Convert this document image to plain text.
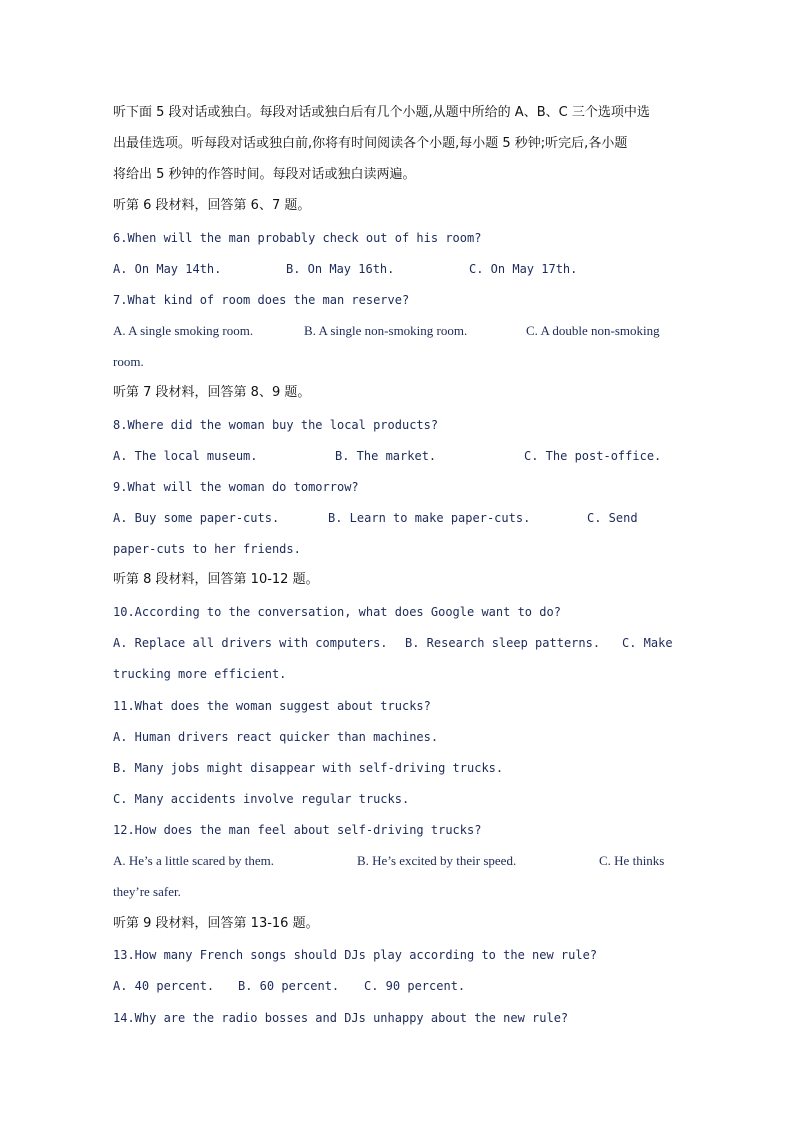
听下面 5 段对话或独白。每段对话或独白后有几个小题,从题中所给的 A、B、C 三个选项中选
出最佳选项。听每段对话或独白前,你将有时间阅读各个小题,每小题 5 秒钟;听完后,各小题
将给出 5 秒钟的作答时间。每段对话或独白读两遍。
听第 6 段材料，回答第 6、7 题。
6.When will the man probably check out of his room?
A. On May 14th.	B. On May 16th.	C. On May 17th.
7.What kind of room does the man reserve?
A. A single smoking room.	B. A single non-smoking room.	C. A double non-smoking
room.
听第 7 段材料，回答第 8、9 题。
8.Where did the woman buy the local products?
A. The local museum.	B. The market.	C. The post-office.
9.What will the woman do tomorrow?
A. Buy some paper-cuts.	B. Learn to make paper-cuts.	C. Send
paper-cuts to her friends.
听第 8 段材料，回答第 10-12 题。
10.According to the conversation, what does Google want to do?
A. Replace all drivers with computers. B. Research sleep patterns. C. Make
trucking more efficient.
11.What does the woman suggest about trucks?
A. Human drivers react quicker than machines.
B. Many jobs might disappear with self-driving trucks.
C. Many accidents involve regular trucks.
12.How does the man feel about self-driving trucks?
A. He’s a little scared by them.	B. He’s excited by their speed.	C. He thinks
they’re safer.
听第 9 段材料，回答第 13-16 题。
13.How many French songs should DJs play according to the new rule?
A. 40 percent. B. 60 percent. C. 90 percent.
14.Why are the radio bosses and DJs unhappy about the new rule?
